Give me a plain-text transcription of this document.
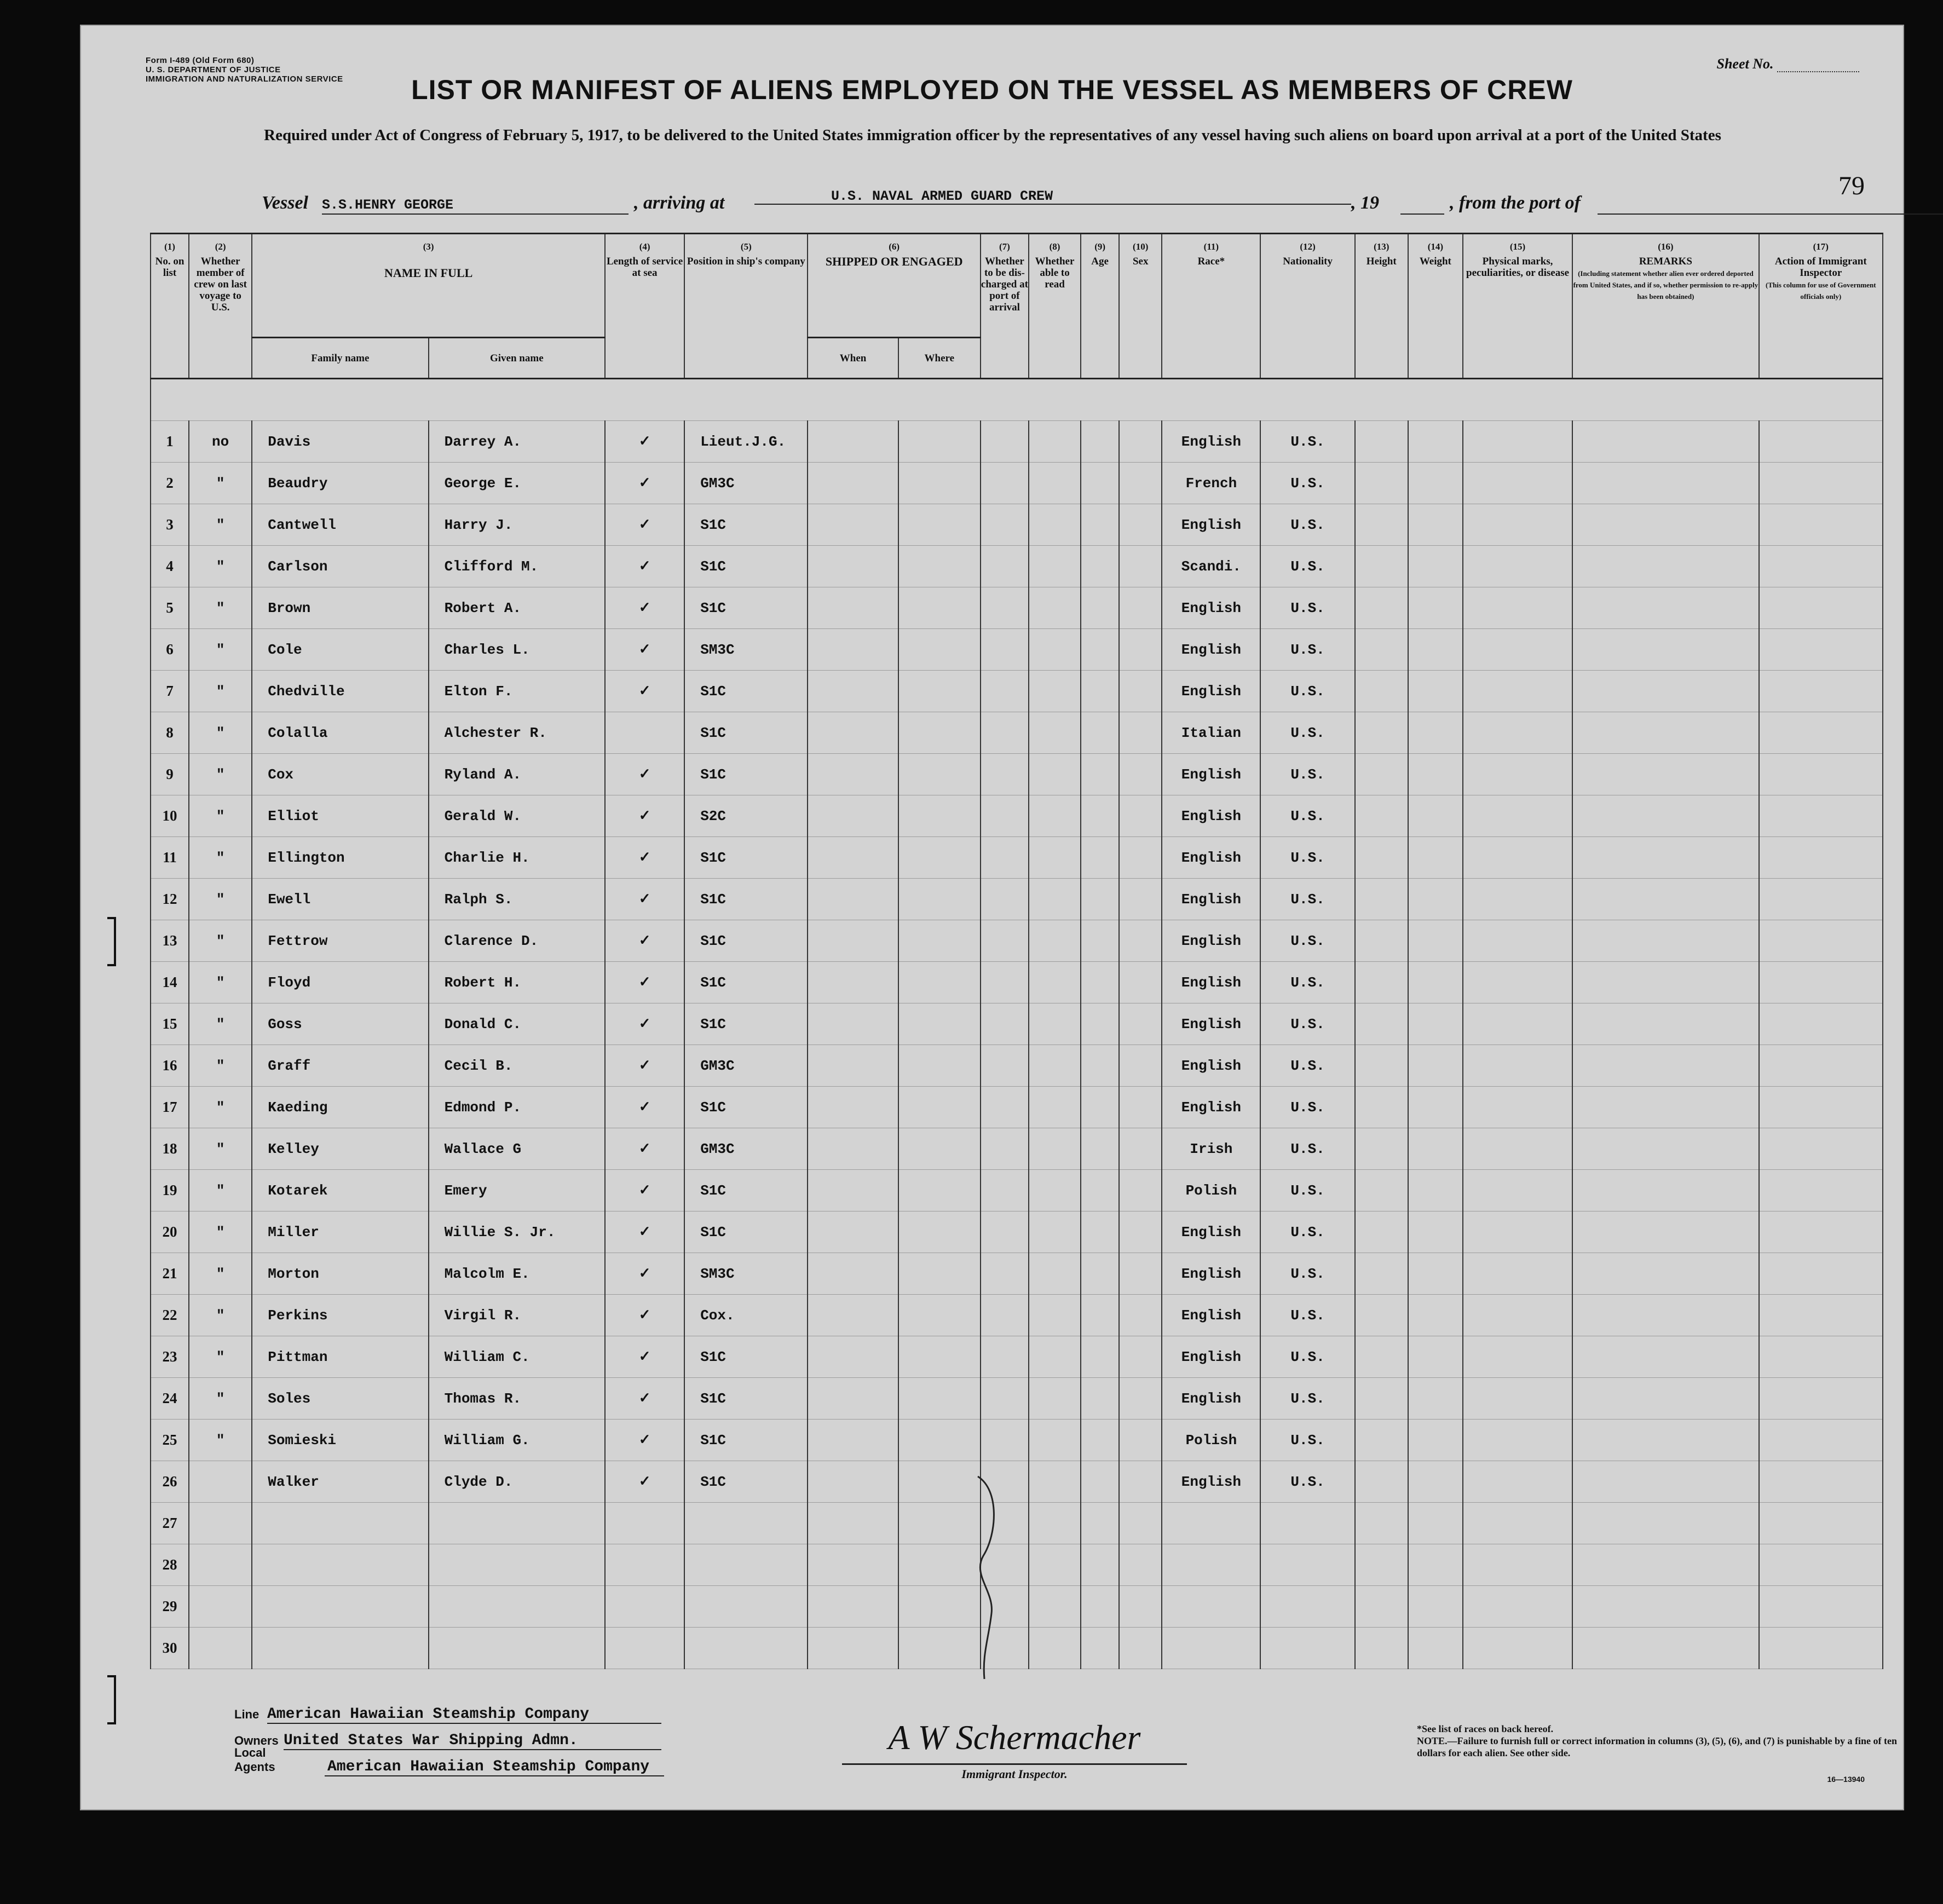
Form I-489 (Old Form 680)
U. S. DEPARTMENT OF JUSTICE
IMMIGRATION AND NATURALIZATION SERVICE
Sheet No.
LIST OR MANIFEST OF ALIENS EMPLOYED ON THE VESSEL AS MEMBERS OF CREW
Required under Act of Congress of February 5, 1917, to be delivered to the United States immigration officer by the representatives of any vessel having such aliens on board upon arrival at a port of the United States
79
Vessel S.S.HENRY GEORGE	, arriving at	U.S. NAVAL ARMED GUARD CREW	, 19	, from the port of
(1)
No. on list	(2)
Whether member of crew on last voyage to U.S.	(3)

NAME IN FULL		(4)
Length of service at sea	(5)
Position in ship's company	(6)
SHIPPED OR ENGAGED		(7)
Whether to be dis-charged at port of arrival	(8)
Whether able to read	(9)
Age	(10)
Sex	(11)
Race*	(12)
Nationality	(13)
Height	(14)
Weight	(15)
Physical marks, peculiarities, or disease	(16)
REMARKS
(Including statement whether alien ever ordered deported from United States, and if so, whether permission to re-apply has been obtained)	(17)
Action of Immigrant Inspector
(This column for use of Government officials only)
		Family name	Given name			When	Where											

1	no	Davis	Darrey A.	✓	Lieut.J.G.							English	U.S.					
2	"	Beaudry	George E.	✓	GM3C							French	U.S.					
3	"	Cantwell	Harry J.	✓	S1C							English	U.S.					
4	"	Carlson	Clifford M.	✓	S1C							Scandi.	U.S.					
5	"	Brown	Robert A.	✓	S1C							English	U.S.					
6	"	Cole	Charles L.	✓	SM3C							English	U.S.					
7	"	Chedville	Elton F.	✓	S1C							English	U.S.					
8	"	Colalla	Alchester R.		S1C							Italian	U.S.					
9	"	Cox	Ryland A.	✓	S1C							English	U.S.					
10	"	Elliot	Gerald W.	✓	S2C							English	U.S.					
11	"	Ellington	Charlie H.	✓	S1C							English	U.S.					
12	"	Ewell	Ralph S.	✓	S1C							English	U.S.					
13	"	Fettrow	Clarence D.	✓	S1C							English	U.S.					
14	"	Floyd	Robert H.	✓	S1C							English	U.S.					
15	"	Goss	Donald C.	✓	S1C							English	U.S.					
16	"	Graff	Cecil B.	✓	GM3C							English	U.S.					
17	"	Kaeding	Edmond P.	✓	S1C							English	U.S.					
18	"	Kelley	Wallace G	✓	GM3C							Irish	U.S.					
19	"	Kotarek	Emery	✓	S1C							Polish	U.S.					
20	"	Miller	Willie S. Jr.	✓	S1C							English	U.S.					
21	"	Morton	Malcolm E.	✓	SM3C							English	U.S.					
22	"	Perkins	Virgil R.	✓	Cox.							English	U.S.					
23	"	Pittman	William C.	✓	S1C							English	U.S.					
24	"	Soles	Thomas R.	✓	S1C							English	U.S.					
25	"	Somieski	William G.	✓	S1C							Polish	U.S.					
26		Walker	Clyde D.	✓	S1C							English	U.S.					
27																		
28																		
29																		
30																		
Line American Hawaiian Steamship Company
Owners United States War Shipping Admn.
Local Agents	American Hawaiian Steamship Company
A W Schermacher
Immigrant Inspector.
*See list of races on back hereof.
NOTE.—Failure to furnish full or correct information in columns (3), (5), (6), and (7) is punishable by a fine of ten dollars for each alien. See other side.
16—13940
